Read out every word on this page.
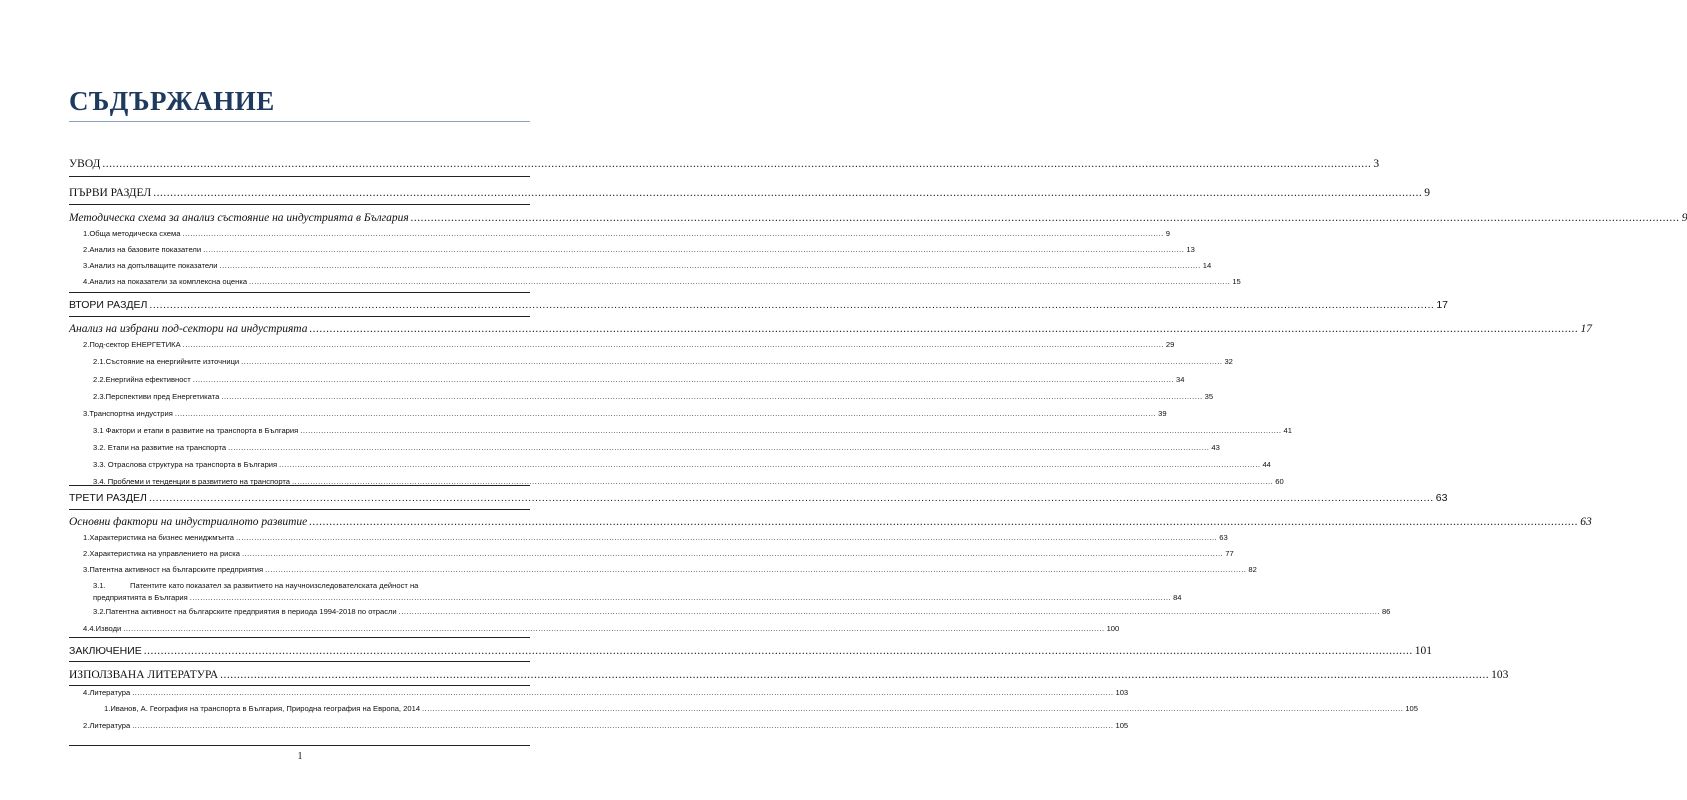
СЪДЪРЖАНИЕ
УВОД .....	3
ПЪРВИ РАЗДЕЛ .....	9
Методическа схема за анализ състояние на индустрията в България .....	9
1. Обща методическа схема .....	9
2. Анализ на базовите показатели .....	13
3. Анализ на допълващите показатели .....	14
4. Анализ на показатели за комплексна оценка .....	15
ВТОРИ РАЗДЕЛ .....	17
Анализ на избрани под-сектори на индустрията .....	17
2. Под-сектор ЕНЕРГЕТИКА .....	29
2.1. Състояние на енергийните източници .....	32
2.2. Енергийна ефективност .....	34
2.3. Перспективи пред Енергетиката .....	35
3. Транспортна индустрия .....	39
3.1 Фактори и етапи в развитие на транспорта в България .....	41
3.2. Етапи на развитие на транспорта .....	43
3.3. Отраслова структура на транспорта в България .....	44
3.4. Проблеми и тенденции в развитието на транспорта .....	60
ТРЕТИ РАЗДЕЛ .....	63
Основни фактори на индустриалното развитие .....	63
1. Характеристика на бизнес мениджмънта .....	63
2. Характеристика на управлението на риска .....	77
3. Патентна активност на българските предприятия .....	82
3.1.	Патентите като показател за развитието на научноизследователската дейност на
предприятията в България .....	84
3.2. Патентна активност на българските предприятия в периода 1994-2018 по отрасли .....	86
4.4.Изводи .....	100
ЗАКЛЮЧЕНИЕ .....	101
ИЗПОЛЗВАНА ЛИТЕРАТУРА .....	103
4. Литература .....	103
1.Иванов, А. География на транспорта в България, Природна география на Европа, 2014 .....	105
2. Литература .....	105
1
